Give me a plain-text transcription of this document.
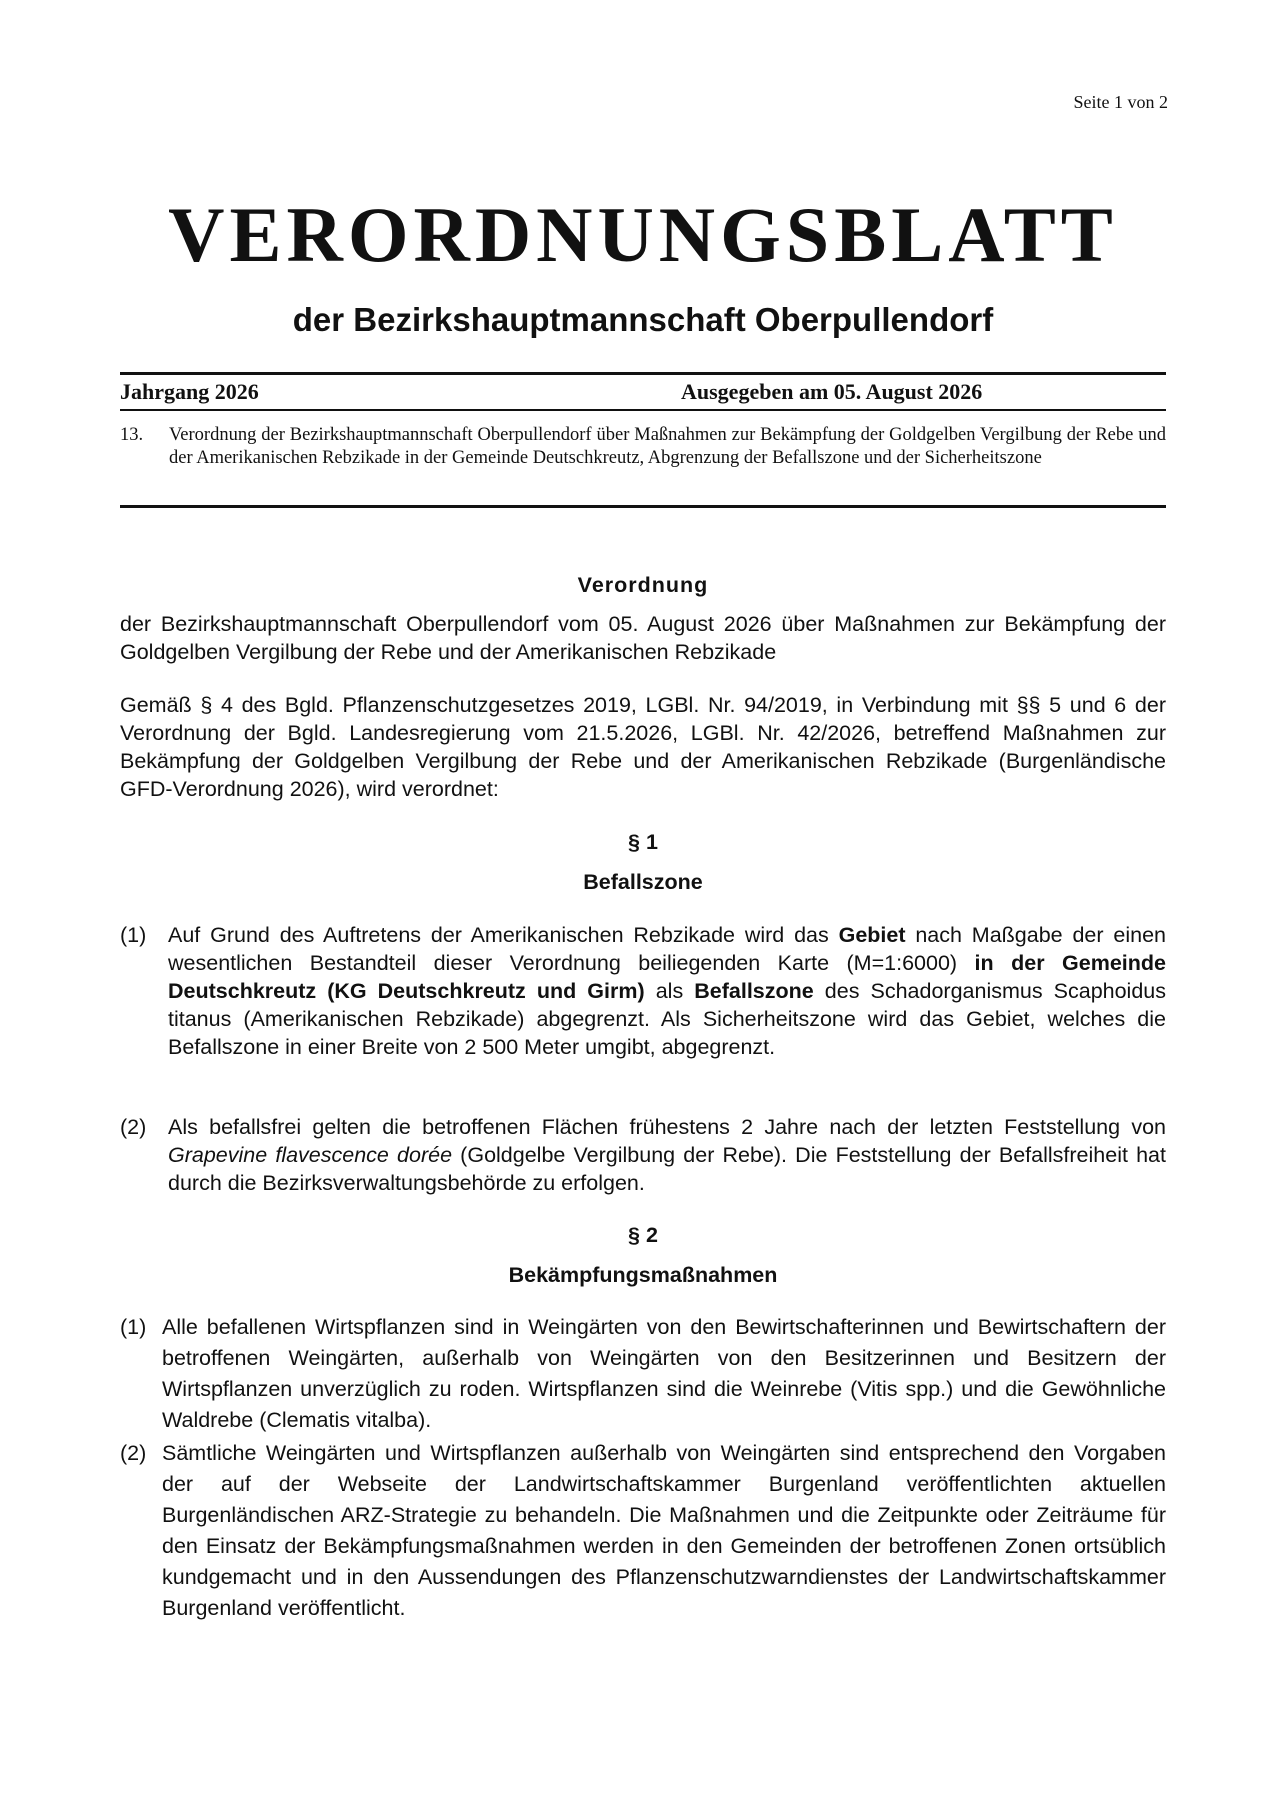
Seite 1 von 2
VERORDNUNGSBLATT
der Bezirkshauptmannschaft Oberpullendorf
Jahrgang 2026	Ausgegeben am 05. August 2026
13. Verordnung der Bezirkshauptmannschaft Oberpullendorf über Maßnahmen zur Bekämpfung der Goldgelben Vergilbung der Rebe und der Amerikanischen Rebzikade in der Gemeinde Deutschkreutz, Abgrenzung der Befallszone und der Sicherheitszone
Verordnung
der Bezirkshauptmannschaft Oberpullendorf vom 05. August 2026 über Maßnahmen zur Bekämpfung der Goldgelben Vergilbung der Rebe und der Amerikanischen Rebzikade
Gemäß § 4 des Bgld. Pflanzenschutzgesetzes 2019, LGBl. Nr. 94/2019, in Verbindung mit §§ 5 und 6 der Verordnung der Bgld. Landesregierung vom 21.5.2026, LGBl. Nr. 42/2026, betreffend Maßnahmen zur Bekämpfung der Goldgelben Vergilbung der Rebe und der Amerikanischen Rebzikade (Burgenländische GFD-Verordnung 2026), wird verordnet:
§ 1
Befallszone
(1) Auf Grund des Auftretens der Amerikanischen Rebzikade wird das Gebiet nach Maßgabe der einen wesentlichen Bestandteil dieser Verordnung beiliegenden Karte (M=1:6000) in der Gemeinde Deutschkreutz (KG Deutschkreutz und Girm) als Befallszone des Schadorganismus Scaphoidus titanus (Amerikanischen Rebzikade) abgegrenzt. Als Sicherheitszone wird das Gebiet, welches die Befallszone in einer Breite von 2 500 Meter umgibt, abgegrenzt.
(2) Als befallsfrei gelten die betroffenen Flächen frühestens 2 Jahre nach der letzten Feststellung von Grapevine flavescence dorée (Goldgelbe Vergilbung der Rebe). Die Feststellung der Befallsfreiheit hat durch die Bezirksverwaltungsbehörde zu erfolgen.
§ 2
Bekämpfungsmaßnahmen
(1) Alle befallenen Wirtspflanzen sind in Weingärten von den Bewirtschafterinnen und Bewirtschaftern der betroffenen Weingärten, außerhalb von Weingärten von den Besitzerinnen und Besitzern der Wirtspflanzen unverzüglich zu roden. Wirtspflanzen sind die Weinrebe (Vitis spp.) und die Gewöhnliche Waldrebe (Clematis vitalba).
(2) Sämtliche Weingärten und Wirtspflanzen außerhalb von Weingärten sind entsprechend den Vorgaben der auf der Webseite der Landwirtschaftskammer Burgenland veröffentlichten aktuellen Burgenländischen ARZ-Strategie zu behandeln. Die Maßnahmen und die Zeitpunkte oder Zeiträume für den Einsatz der Bekämpfungsmaßnahmen werden in den Gemeinden der betroffenen Zonen ortsüblich kundgemacht und in den Aussendungen des Pflanzenschutzwarndienstes der Landwirtschaftskammer Burgenland veröffentlicht.
